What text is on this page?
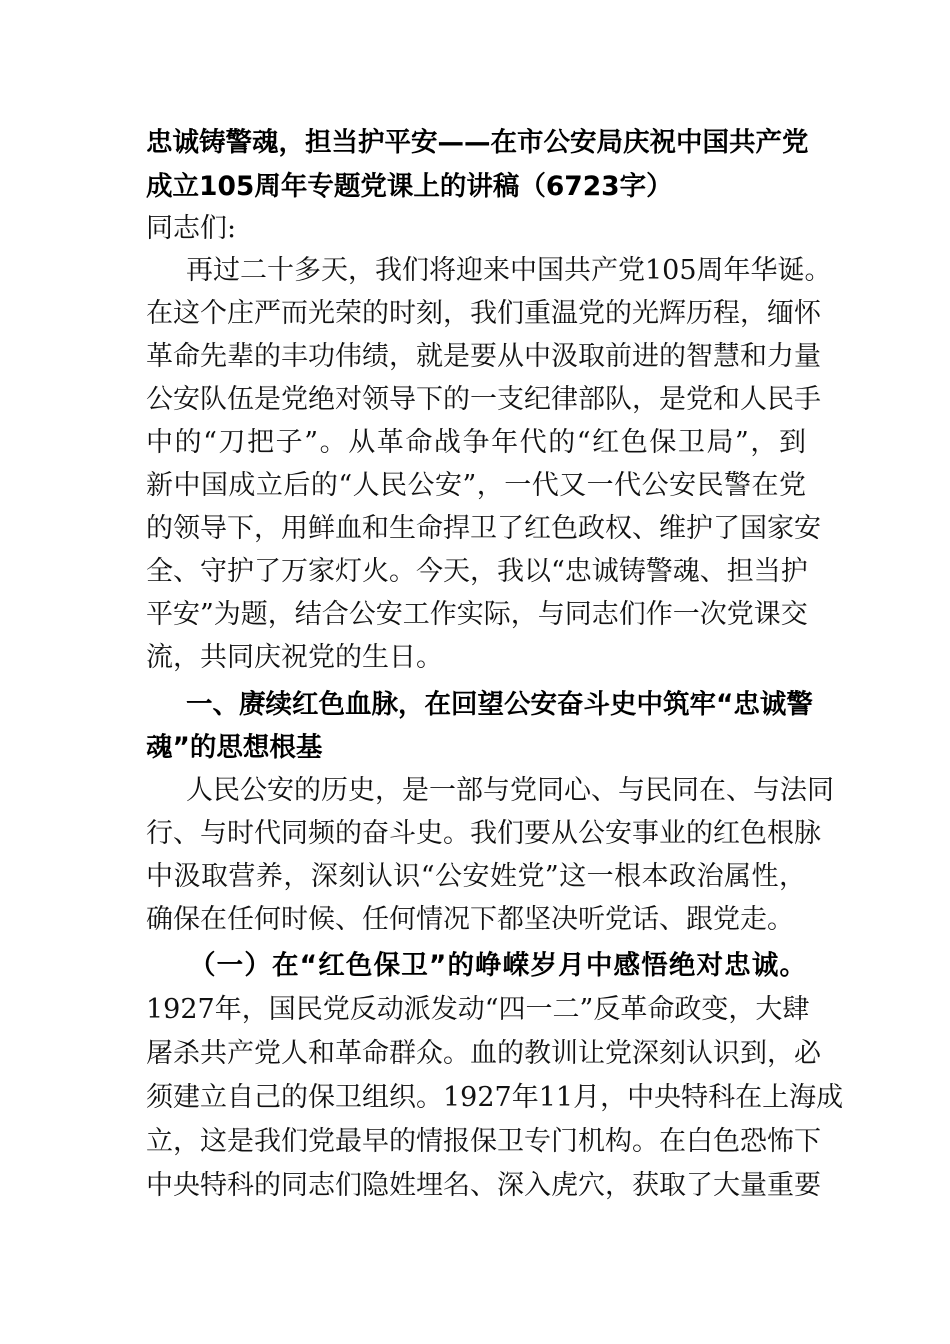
忠诚铸警魂，担当护平安——在市公安局庆祝中国共产党
成立105周年专题党课上的讲稿（6723字）
同志们:
再过二十多天，我们将迎来中国共产党105周年华诞。
在这个庄严而光荣的时刻，我们重温党的光辉历程，缅怀
革命先辈的丰功伟绩，就是要从中汲取前进的智慧和力量
公安队伍是党绝对领导下的一支纪律部队，是党和人民手
中的“刀把子”。从革命战争年代的“红色保卫局”，到
新中国成立后的“人民公安”，一代又一代公安民警在党
的领导下，用鲜血和生命捍卫了红色政权、维护了国家安
全、守护了万家灯火。今天，我以“忠诚铸警魂、担当护
平安”为题，结合公安工作实际，与同志们作一次党课交
流，共同庆祝党的生日。
一、赓续红色血脉，在回望公安奋斗史中筑牢“忠诚警
魂”的思想根基
人民公安的历史，是一部与党同心、与民同在、与法同
行、与时代同频的奋斗史。我们要从公安事业的红色根脉
中汲取营养，深刻认识“公安姓党”这一根本政治属性，
确保在任何时候、任何情况下都坚决听党话、跟党走。
（一）在“红色保卫”的峥嵘岁月中感悟绝对忠诚。
1927年，国民党反动派发动“四一二”反革命政变，大肆
屠杀共产党人和革命群众。血的教训让党深刻认识到，必
须建立自己的保卫组织。1927年11月，中央特科在上海成
立，这是我们党最早的情报保卫专门机构。在白色恐怖下
中央特科的同志们隐姓埋名、深入虎穴，获取了大量重要
